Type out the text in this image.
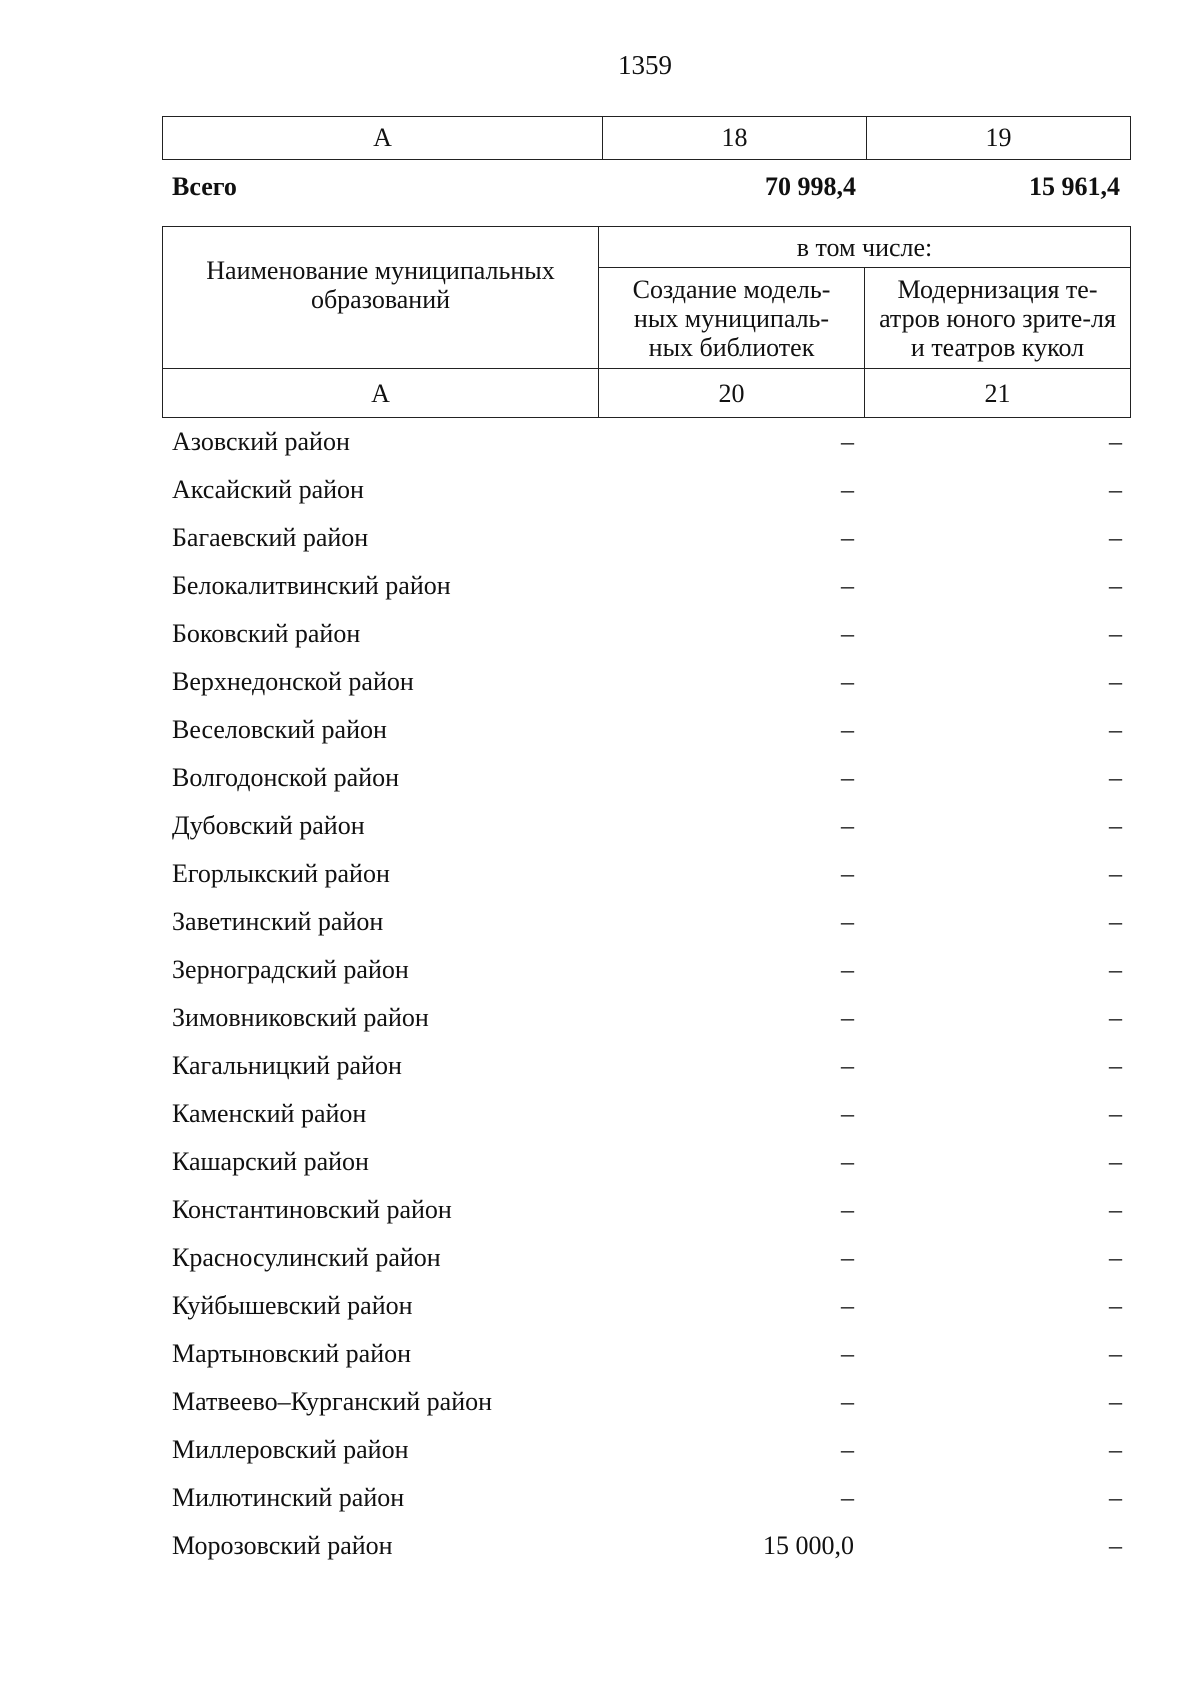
1359
А	18	19
Всего	70 998,4	15 961,4
Наименование муниципальных образований	в том числе:	
	Создание модель-ных муниципаль-ных библиотек	Модернизация те-атров юного зрите-ля и театров кукол
А	20	21
Азовский район	–	–
Аксайский район	–	–
Багаевский район	–	–
Белокалитвинский район	–	–
Боковский район	–	–
Верхнедонской район	–	–
Веселовский район	–	–
Волгодонской район	–	–
Дубовский район	–	–
Егорлыкский район	–	–
Заветинский район	–	–
Зерноградский район	–	–
Зимовниковский район	–	–
Кагальницкий район	–	–
Каменский район	–	–
Кашарский район	–	–
Константиновский район	–	–
Красносулинский район	–	–
Куйбышевский район	–	–
Мартыновский район	–	–
Матвеево–Курганский район	–	–
Миллеровский район	–	–
Милютинский район	–	–
Морозовский район	15 000,0	–
